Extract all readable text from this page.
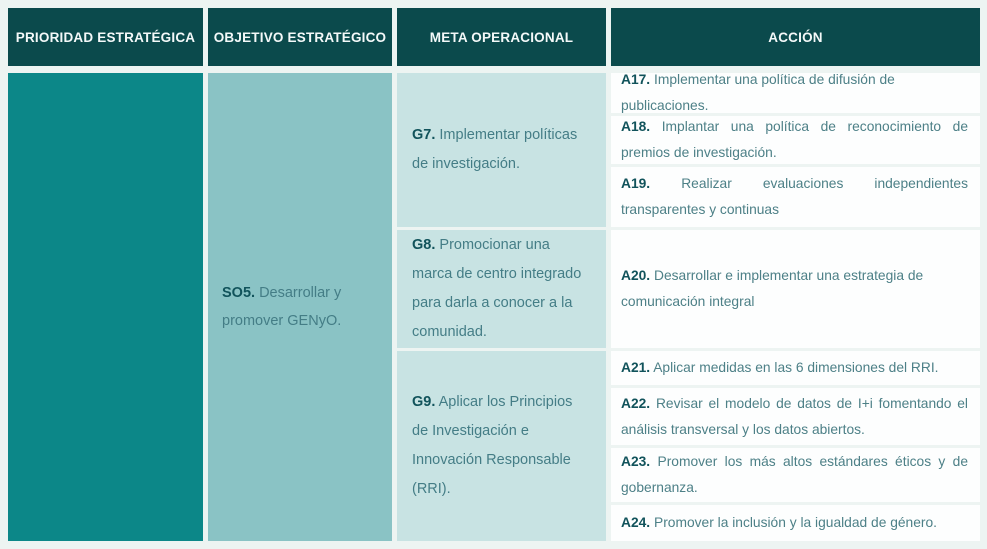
PRIORIDAD ESTRATÉGICA OBJETIVO ESTRATÉGICO	META OPERACIONAL	ACCIÓN
SO5. Desarrollar y promover GENyO.
G7. Implementar políticas de investigación.
G8. Promocionar una marca de centro integrado para darla a conocer a la comunidad.
G9. Aplicar los Principios de Investigación e Innovación Responsable (RRI).
A17. Implementar una política de difusión de publicaciones.
A18. Implantar una política de reconocimiento de premios de investigación.
A19. Realizar evaluaciones independientes transparentes y continuas
A20. Desarrollar e implementar una estrategia de comunicación integral
A21. Aplicar medidas en las 6 dimensiones del RRI.
A22. Revisar el modelo de datos de I+i fomentando el análisis transversal y los datos abiertos.
A23. Promover los más altos estándares éticos y de gobernanza.
A24. Promover la inclusión y la igualdad de género.
